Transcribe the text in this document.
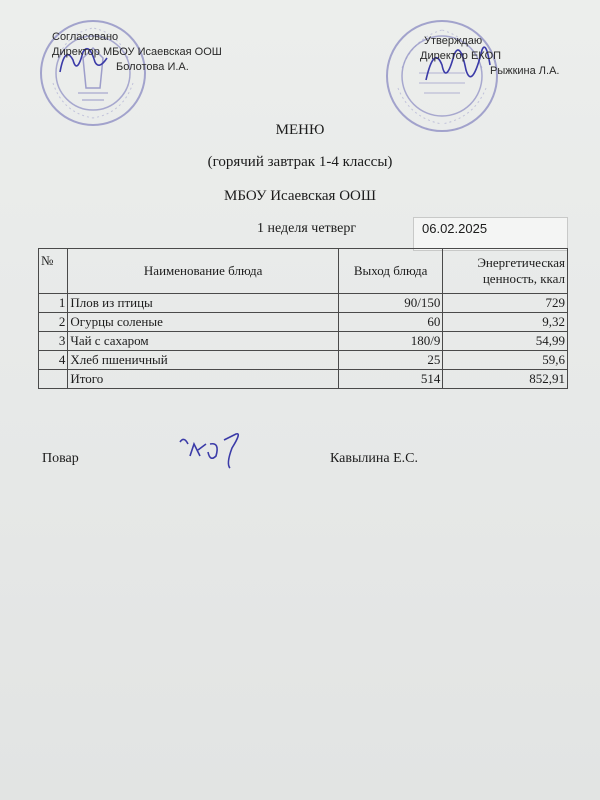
Согласовано
Директор МБОУ Исаевская ООШ
Болотова И.А.
Утверждаю
Директор ЕКОП
Рыжкина Л.А.
МЕНЮ
(горячий завтрак 1-4 классы)
МБОУ Исаевская ООШ
1 неделя четверг	06.02.2025
№	Наименование блюда	Выход блюда	Энергетическая ценность, ккал
1	Плов из птицы	90/150	729
2	Огурцы соленые	60	9,32
3	Чай с сахаром	180/9	54,99
4	Хлеб пшеничный	25	59,6
	Итого	514	852,91
Повар	Кавылина Е.С.
